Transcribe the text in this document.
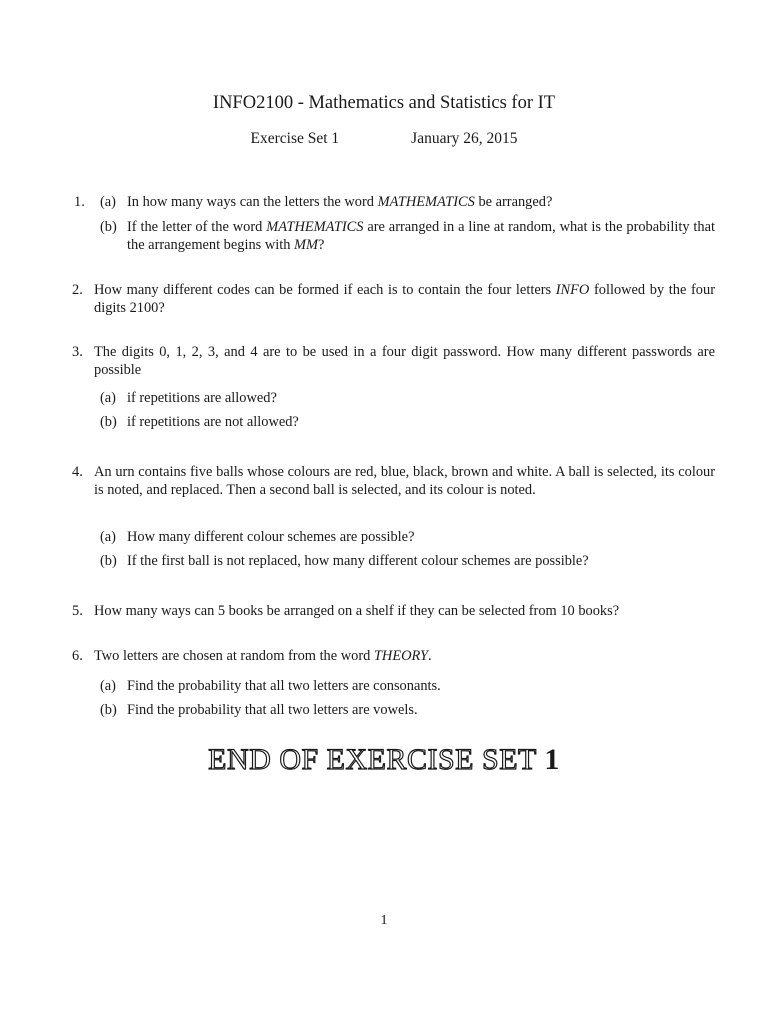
INFO2100 - Mathematics and Statistics for IT
Exercise Set 1	January 26, 2015
1. (a) In how many ways can the letters the word MATHEMATICS be arranged?
(b) If the letter of the word MATHEMATICS are arranged in a line at random, what is the probability that the arrangement begins with MM?
2. How many different codes can be formed if each is to contain the four letters INFO followed by the four digits 2100?
3. The digits 0, 1, 2, 3, and 4 are to be used in a four digit password. How many different passwords are possible
(a) if repetitions are allowed?
(b) if repetitions are not allowed?
4. An urn contains five balls whose colours are red, blue, black, brown and white. A ball is selected, its colour is noted, and replaced. Then a second ball is selected, and its colour is noted.
(a) How many different colour schemes are possible?
(b) If the first ball is not replaced, how many different colour schemes are possible?
5. How many ways can 5 books be arranged on a shelf if they can be selected from 10 books?
6. Two letters are chosen at random from the word THEORY.
(a) Find the probability that all two letters are consonants.
(b) Find the probability that all two letters are vowels.
END OF EXERCISE SET 1
1
